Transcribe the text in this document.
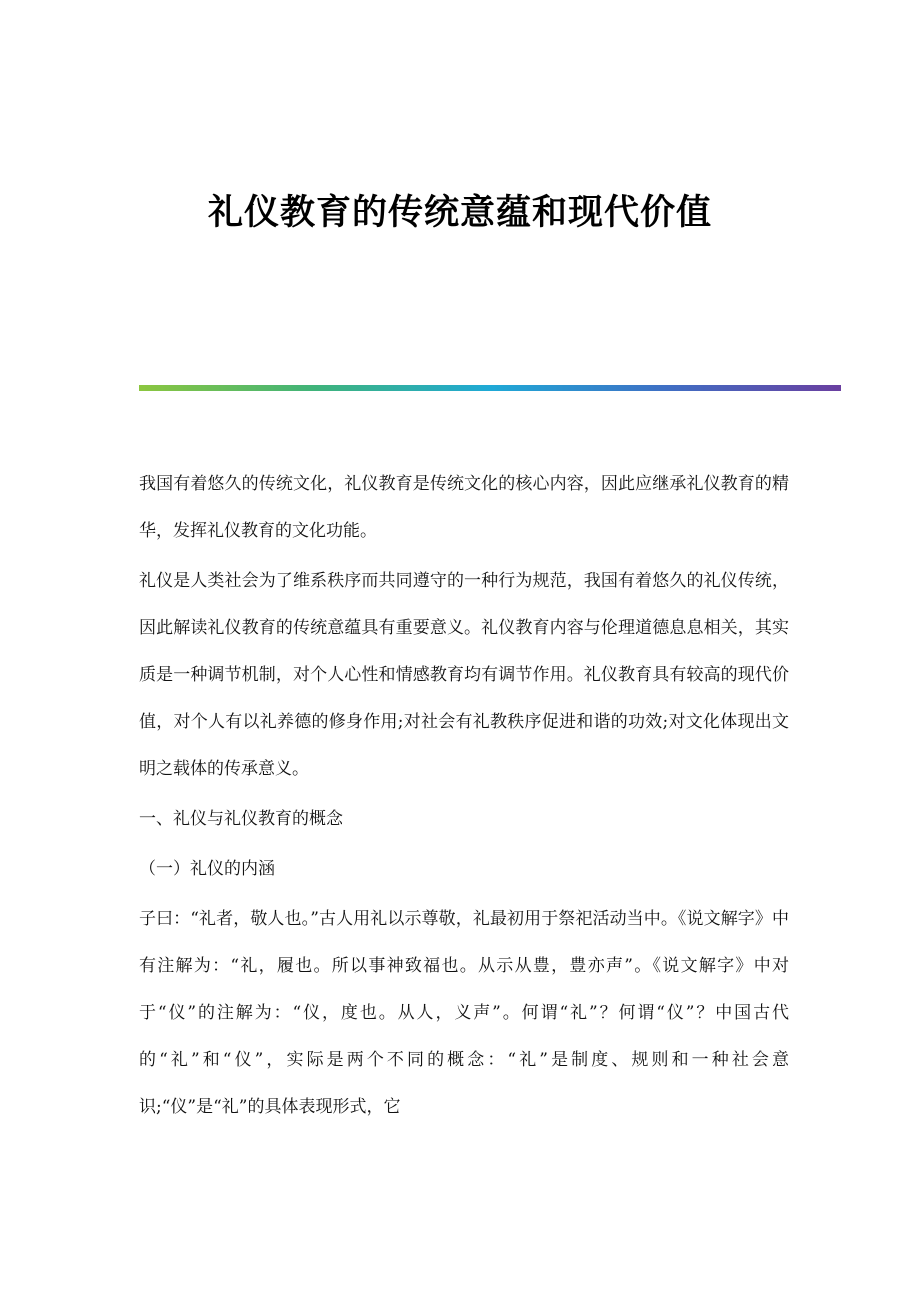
礼仪教育的传统意蕴和现代价值

我国有着悠久的传统文化，礼仪教育是传统文化的核心内容，因此应继承礼仪教育的精华，发挥礼仪教育的文化功能。

礼仪是人类社会为了维系秩序而共同遵守的一种行为规范，我国有着悠久的礼仪传统，因此解读礼仪教育的传统意蕴具有重要意义。礼仪教育内容与伦理道德息息相关，其实质是一种调节机制，对个人心性和情感教育均有调节作用。礼仪教育具有较高的现代价值，对个人有以礼养德的修身作用;对社会有礼教秩序促进和谐的功效;对文化体现出文明之载体的传承意义。

一、礼仪与礼仪教育的概念

（一）礼仪的内涵

子曰：“礼者，敬人也。”古人用礼以示尊敬，礼最初用于祭祀活动当中。《说文解字》中有注解为：“礼，履也。所以事神致福也。从示从豊，豊亦声”。《说文解字》中对于“仪”的注解为：“仪，度也。从人，义声”。何谓“礼”？何谓“仪”？中国古代的“礼”和“仪”，实际是两个不同的概念：“礼”是制度、规则和一种社会意识;“仪”是“礼”的具体表现形式，它
